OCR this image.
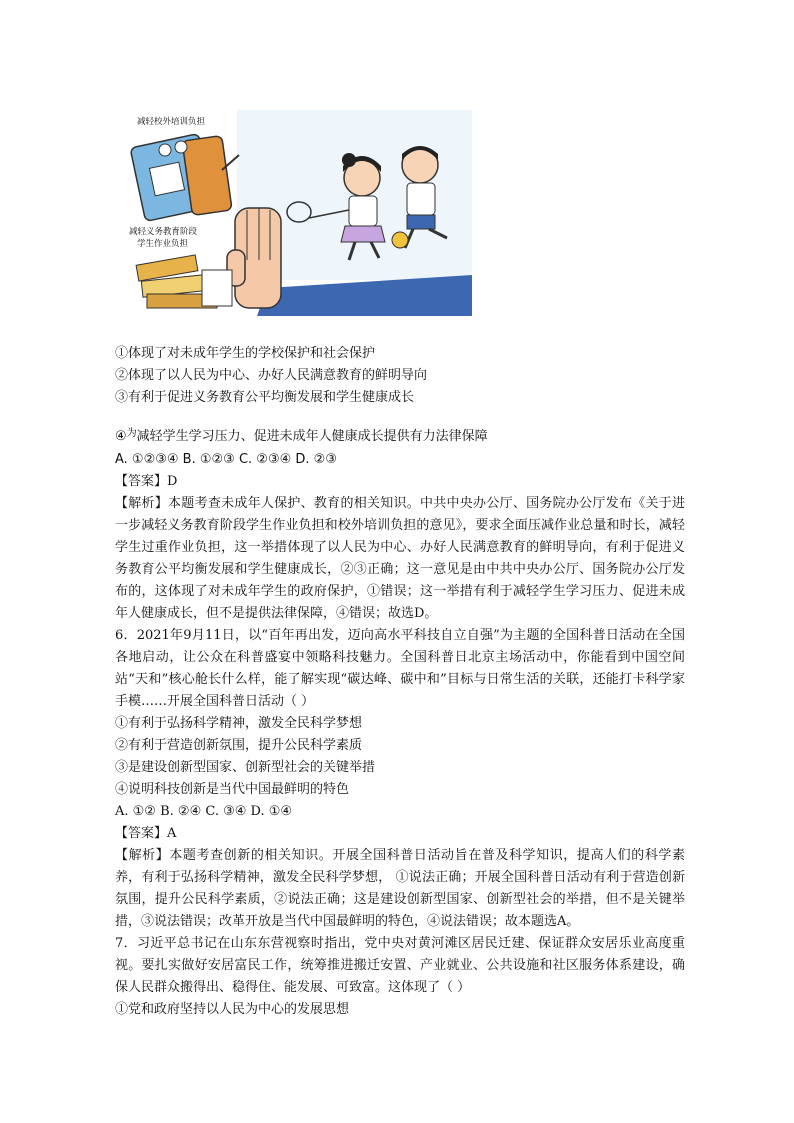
减轻校外培训负担
减轻义务教育阶段
学生作业负担
①体现了对未成年学生的学校保护和社会保护
②体现了以人民为中心、办好人民满意教育的鲜明导向
③有利于促进义务教育公平均衡发展和学生健康成长
④$^为$减轻学生学习压力、促进未成年人健康成长提供有力法律保障
A. ①②③④ B. ①②③ C. ②③④ D. ②③
【答案】D
【解析】本题考查未成年人保护、教育的相关知识。中共中央办公厅、国务院办公厅发布《关于进一步减轻义务教育阶段学生作业负担和校外培训负担的意见》，要求全面压减作业总量和时长，减轻学生过重作业负担，这一举措体现了以人民为中心、办好人民满意教育的鲜明导向，有利于促进义务教育公平均衡发展和学生健康成长，②③正确；这一意见是由中共中央办公厅、国务院办公厅发布的，这体现了对未成年学生的政府保护，①错误；这一举措有利于减轻学生学习压力、促进未成年人健康成长，但不是提供法律保障，④错误；故选D。
6．2021年9月11日，以“百年再出发，迈向高水平科技自立自强”为主题的全国科普日活动在全国各地启动，让公众在科普盛宴中领略科技魅力。全国科普日北京主场活动中，你能看到中国空间站“天和”核心舱长什么样，能了解实现“碳达峰、碳中和”目标与日常生活的关联，还能打卡科学家手模……开展全国科普日活动（ ）
①有利于弘扬科学精神，激发全民科学梦想
②有利于营造创新氛围，提升公民科学素质
③是建设创新型国家、创新型社会的关键举措
④说明科技创新是当代中国最鲜明的特色
A. ①② B. ②④ C. ③④ D. ①④
【答案】A
【解析】本题考查创新的相关知识。开展全国科普日活动旨在普及科学知识，提高人们的科学素养，有利于弘扬科学精神，激发全民科学梦想， ①说法正确；开展全国科普日活动有利于营造创新氛围，提升公民科学素质，②说法正确；这是建设创新型国家、创新型社会的举措，但不是关键举措，③说法错误；改革开放是当代中国最鲜明的特色，④说法错误；故本题选A。
7．习近平总书记在山东东营视察时指出，党中央对黄河滩区居民迁建、保证群众安居乐业高度重视。要扎实做好安居富民工作，统筹推进搬迁安置、产业就业、公共设施和社区服务体系建设，确保人民群众搬得出、稳得住、能发展、可致富。这体现了（ ）
①党和政府坚持以人民为中心的发展思想
